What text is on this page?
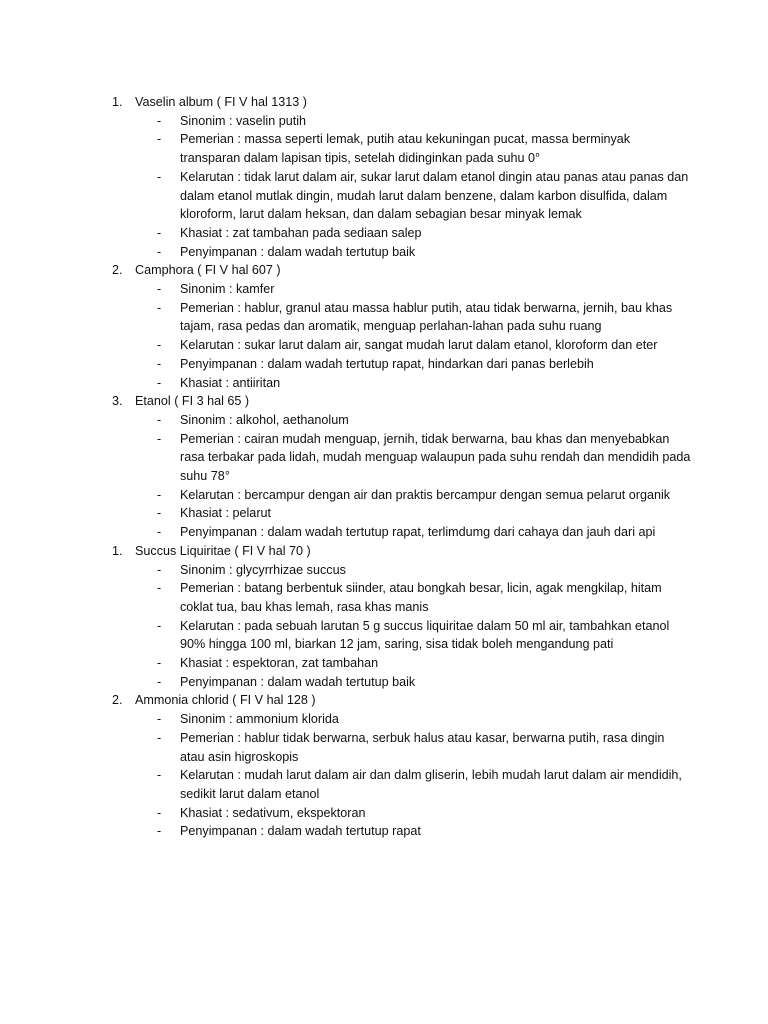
1. Vaselin album ( FI V hal 1313 )
-	Sinonim : vaselin putih
-	Pemerian : massa seperti lemak, putih atau kekuningan pucat, massa berminyak transparan dalam lapisan tipis, setelah didinginkan pada suhu 0°
-	Kelarutan : tidak larut dalam air, sukar larut dalam etanol dingin atau panas atau panas dan dalam etanol mutlak dingin, mudah larut dalam benzene, dalam karbon disulfida, dalam kloroform, larut dalam heksan, dan dalam sebagian besar minyak lemak
-	Khasiat : zat tambahan pada sediaan salep
-	Penyimpanan : dalam wadah tertutup baik
2. Camphora ( FI V hal 607 )
-	Sinonim : kamfer
-	Pemerian : hablur, granul atau massa hablur putih, atau tidak berwarna, jernih, bau khas tajam, rasa pedas dan aromatik, menguap perlahan-lahan pada suhu ruang
-	Kelarutan : sukar larut dalam air, sangat mudah larut dalam etanol, kloroform dan eter
-	Penyimpanan : dalam wadah tertutup rapat, hindarkan dari panas berlebih
-	Khasiat : antiiritan
3. Etanol ( FI 3 hal 65 )
-	Sinonim : alkohol, aethanolum
-	Pemerian : cairan mudah menguap, jernih, tidak berwarna, bau khas dan menyebabkan rasa terbakar pada lidah, mudah menguap walaupun pada suhu rendah dan mendidih pada suhu 78°
-	Kelarutan : bercampur dengan air dan praktis bercampur dengan semua pelarut organik
-	Khasiat : pelarut
-	Penyimpanan : dalam wadah tertutup rapat, terlimdumg dari cahaya dan jauh dari api
1. Succus Liquiritae ( FI V hal 70 )
-	Sinonim : glycyrrhizae succus
-	Pemerian : batang berbentuk siinder, atau bongkah besar, licin, agak mengkilap, hitam coklat tua, bau khas lemah, rasa khas manis
-	Kelarutan : pada sebuah larutan 5 g succus liquiritae dalam 50 ml air, tambahkan etanol 90% hingga 100 ml, biarkan 12 jam, saring, sisa tidak boleh mengandung pati
-	Khasiat : espektoran, zat tambahan
-	Penyimpanan : dalam wadah tertutup baik
2. Ammonia chlorid ( FI V hal 128 )
-	Sinonim : ammonium klorida
-	Pemerian : hablur tidak berwarna, serbuk halus atau kasar, berwarna putih, rasa dingin atau asin higroskopis
-	Kelarutan : mudah larut dalam air dan dalm gliserin, lebih mudah larut dalam air mendidih, sedikit larut dalam etanol
-	Khasiat : sedativum, ekspektoran
-	Penyimpanan : dalam wadah tertutup rapat
